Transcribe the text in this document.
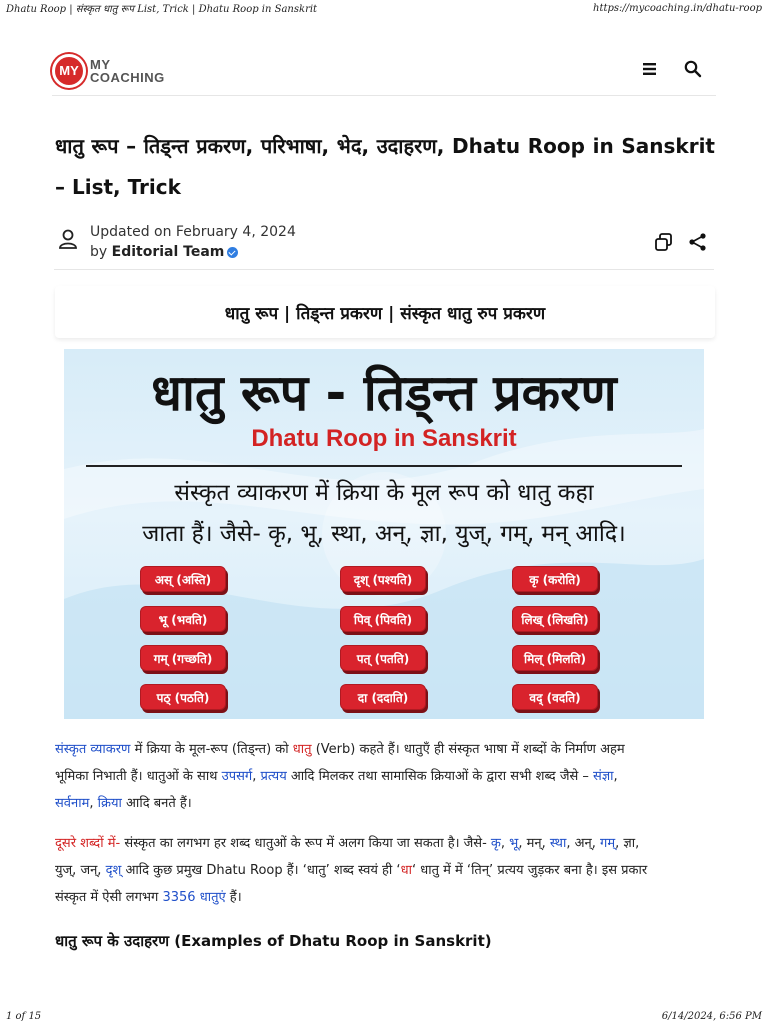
Dhatu Roop | संस्कृत धातु रूप List, Trick | Dhatu Roop in Sanskrit	https://mycoaching.in/dhatu-roop
MY MY
COACHING
धातु रूप – तिड्न्त प्रकरण, परिभाषा, भेद, उदाहरण, Dhatu Roop in Sanskrit – List, Trick
Updated on February 4, 2024
by Editorial Team
धातु रूप | तिड्न्त प्रकरण | संस्कृत धातु रुप प्रकरण
धातु रूप - तिड्न्त प्रकरण
Dhatu Roop in Sanskrit
संस्कृत व्याकरण में क्रिया के मूल रूप को धातु कहा
जाता हैं। जैसे- कृ, भू, स्था, अन्, ज्ञा, युज्, गम्, मन् आदि।
अस् (अस्ति)	दृश् (पश्यति)	कृ (करोति)
भू (भवति)	पिव् (पिवति)	लिख् (लिखति)
गम् (गच्छति)	पत् (पतति)	मिल् (मिलति)
पठ् (पठति)	दा (ददाति)	वद् (वदति)
संस्कृत व्याकरण में क्रिया के मूल-रूप (तिड्न्त) को धातु (Verb) कहते हैं। धातुएँ ही संस्कृत भाषा में शब्दों के निर्माण अहम
भूमिका निभाती हैं। धातुओं के साथ उपसर्ग, प्रत्यय आदि मिलकर तथा सामासिक क्रियाओं के द्वारा सभी शब्द जैसे – संज्ञा,
सर्वनाम, क्रिया आदि बनते हैं।
दूसरे शब्दों में- संस्कृत का लगभग हर शब्द धातुओं के रूप में अलग किया जा सकता है। जैसे- कृ, भू, मन्, स्था, अन्, गम्, ज्ञा,
युज्, जन्, दृश् आदि कुछ प्रमुख Dhatu Roop हैं। ‘धातु’ शब्द स्वयं ही ‘धा‘ धातु में में ‘तिन्’ प्रत्यय जुड़कर बना है। इस प्रकार
संस्कृत में ऐसी लगभग 3356 धातुएं हैं।
धातु रूप के उदाहरण (Examples of Dhatu Roop in Sanskrit)
1 of 15	6/14/2024, 6:56 PM
